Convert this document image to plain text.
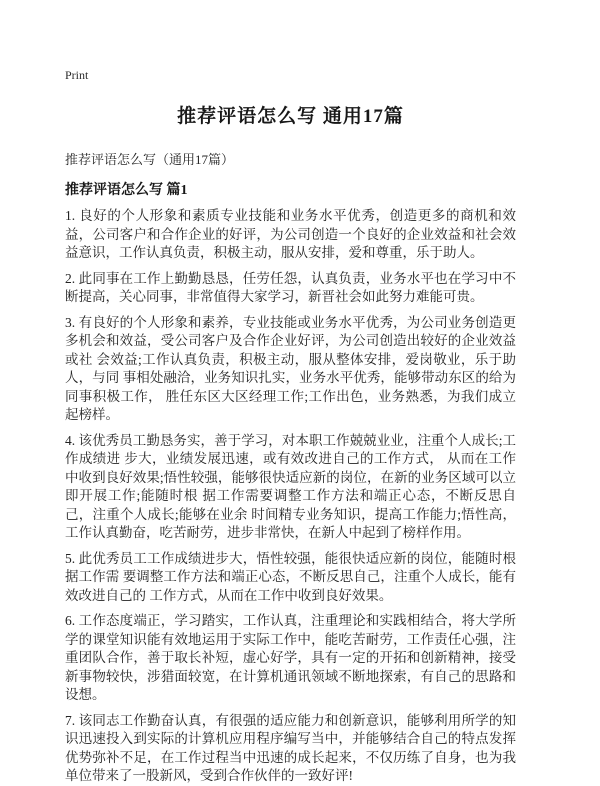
Print
推荐评语怎么写 通用17篇
推荐评语怎么写（通用17篇）
推荐评语怎么写 篇1

1. 良好的个人形象和素质专业技能和业务水平优秀，创造更多的商机和效益，公司客户和合作企业的好评，为公司创造一个良好的企业效益和社会效益意识，工作认真负责，积极主动，服从安排，爱和尊重，乐于助人。

2. 此同事在工作上勤勤恳恳，任劳任怨，认真负责，业务水平也在学习中不断提高，关心同事，非常值得大家学习，新晋社会如此努力难能可贵。

3. 有良好的个人形象和素养，专业技能或业务水平优秀，为公司业务创造更 多机会和效益，受公司客户及合作企业好评，为公司创造出较好的企业效益或社 会效益;工作认真负责，积极主动，服从整体安排，爱岗敬业，乐于助人，与同 事相处融洽，业务知识扎实，业务水平优秀，能够带动东区的给为同事积极工作， 胜任东区大区经理工作;工作出色，业务熟悉，为我们成立起榜样。

4. 该优秀员工勤恳务实，善于学习，对本职工作兢兢业业，注重个人成长;工作成绩进 步大，业绩发展迅速，或有效改进自己的工作方式， 从而在工作中收到良好效果;悟性较强，能够很快适应新的岗位，在新的业务区域可以立即开展工作;能随时根 据工作需要调整工作方法和端正心态，不断反思自己，注重个人成长;能够在业余 时间精专业务知识，提高工作能力;悟性高，工作认真勤奋，吃苦耐劳，进步非常快，在新人中起到了榜样作用。

5. 此优秀员工工作成绩进步大，悟性较强，能很快适应新的岗位，能随时根据工作需 要调整工作方法和端正心态，不断反思自己，注重个人成长，能有效改进自己的 工作方式，从而在工作中收到良好效果。

6. 工作态度端正，学习踏实，工作认真，注重理论和实践相结合，将大学所学的课堂知识能有效地运用于实际工作中，能吃苦耐劳，工作责任心强，注重团队合作，善于取长补短，虚心好学，具有一定的开拓和创新精神，接受新事物较快，涉猎面较宽，在计算机通讯领域不断地探索，有自己的思路和设想。

7. 该同志工作勤奋认真，有很强的适应能力和创新意识，能够利用所学的知识迅速投入到实际的计算机应用程序编写当中，并能够结合自己的特点发挥优势弥补不足，在工作过程当中迅速的成长起来，不仅历练了自身，也为我单位带来了一股新风，受到合作伙伴的一致好评!
